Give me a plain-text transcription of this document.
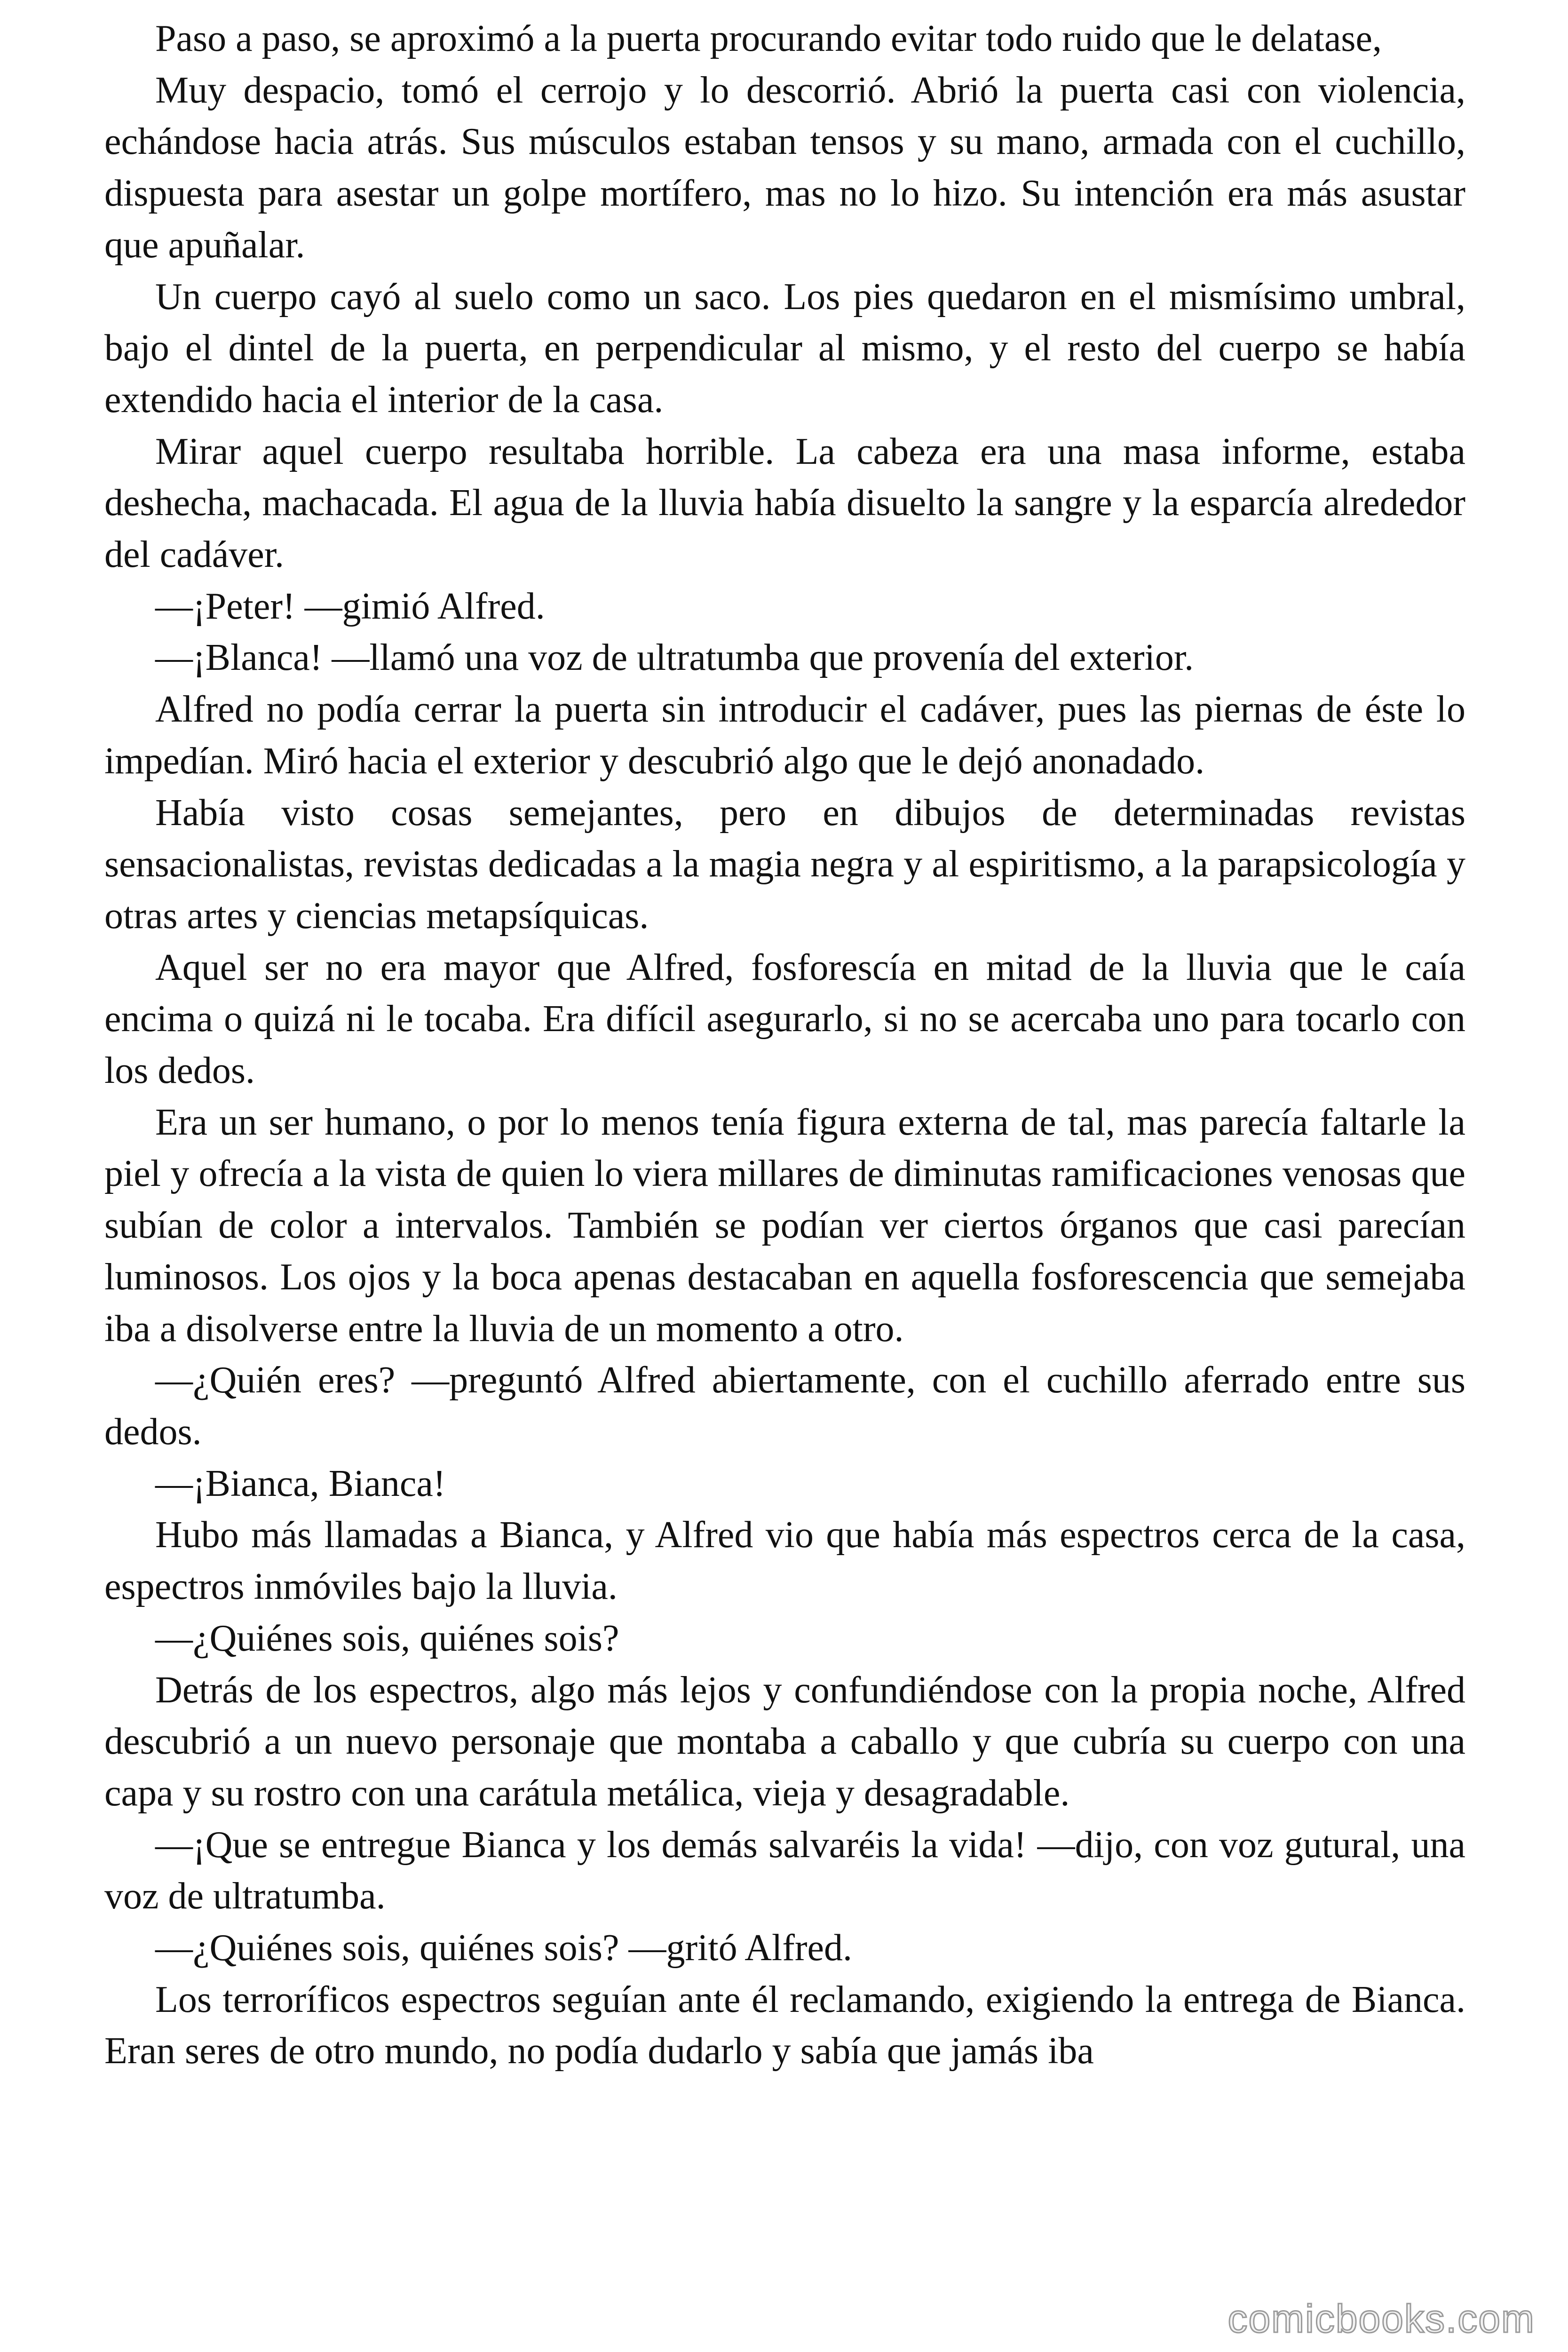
Paso a paso, se aproximó a la puerta procurando evitar todo ruido que le delatase,

Muy despacio, tomó el cerrojo y lo descorrió. Abrió la puerta casi con violencia, echándose hacia atrás. Sus músculos estaban tensos y su mano, armada con el cuchillo, dispuesta para asestar un golpe mortífero, mas no lo hizo. Su intención era más asustar que apuñalar.

Un cuerpo cayó al suelo como un saco. Los pies quedaron en el mismísimo umbral, bajo el dintel de la puerta, en perpendicular al mismo, y el resto del cuerpo se había extendido hacia el interior de la casa.

Mirar aquel cuerpo resultaba horrible. La cabeza era una masa informe, estaba deshecha, machacada. El agua de la lluvia había disuelto la sangre y la esparcía alrededor del cadáver.

—¡Peter! —gimió Alfred.

—¡Blanca! —llamó una voz de ultratumba que provenía del exterior.

Alfred no podía cerrar la puerta sin introducir el cadáver, pues las piernas de éste lo impedían. Miró hacia el exterior y descubrió algo que le dejó anonadado.

Había visto cosas semejantes, pero en dibujos de determinadas revistas sensacionalistas, revistas dedicadas a la magia negra y al espiritismo, a la parapsicología y otras artes y ciencias metapsíquicas.

Aquel ser no era mayor que Alfred, fosforescía en mitad de la lluvia que le caía encima o quizá ni le tocaba. Era difícil asegurarlo, si no se acercaba uno para tocarlo con los dedos.

Era un ser humano, o por lo menos tenía figura externa de tal, mas parecía faltarle la piel y ofrecía a la vista de quien lo viera millares de diminutas ramificaciones venosas que subían de color a intervalos. También se podían ver ciertos órganos que casi parecían luminosos. Los ojos y la boca apenas destacaban en aquella fosforescencia que semejaba iba a disolverse entre la lluvia de un momento a otro.

—¿Quién eres? —preguntó Alfred abiertamente, con el cuchillo aferrado entre sus dedos.

—¡Bianca, Bianca!

Hubo más llamadas a Bianca, y Alfred vio que había más espectros cerca de la casa, espectros inmóviles bajo la lluvia.

—¿Quiénes sois, quiénes sois?

Detrás de los espectros, algo más lejos y confundiéndose con la propia noche, Alfred descubrió a un nuevo personaje que montaba a caballo y que cubría su cuerpo con una capa y su rostro con una carátula metálica, vieja y desagradable.

—¡Que se entregue Bianca y los demás salvaréis la vida! —dijo, con voz gutural, una voz de ultratumba.

—¿Quiénes sois, quiénes sois? —gritó Alfred.

Los terroríficos espectros seguían ante él reclamando, exigiendo la entrega de Bianca. Eran seres de otro mundo, no podía dudarlo y sabía que jamás iba

comicbooks.com
